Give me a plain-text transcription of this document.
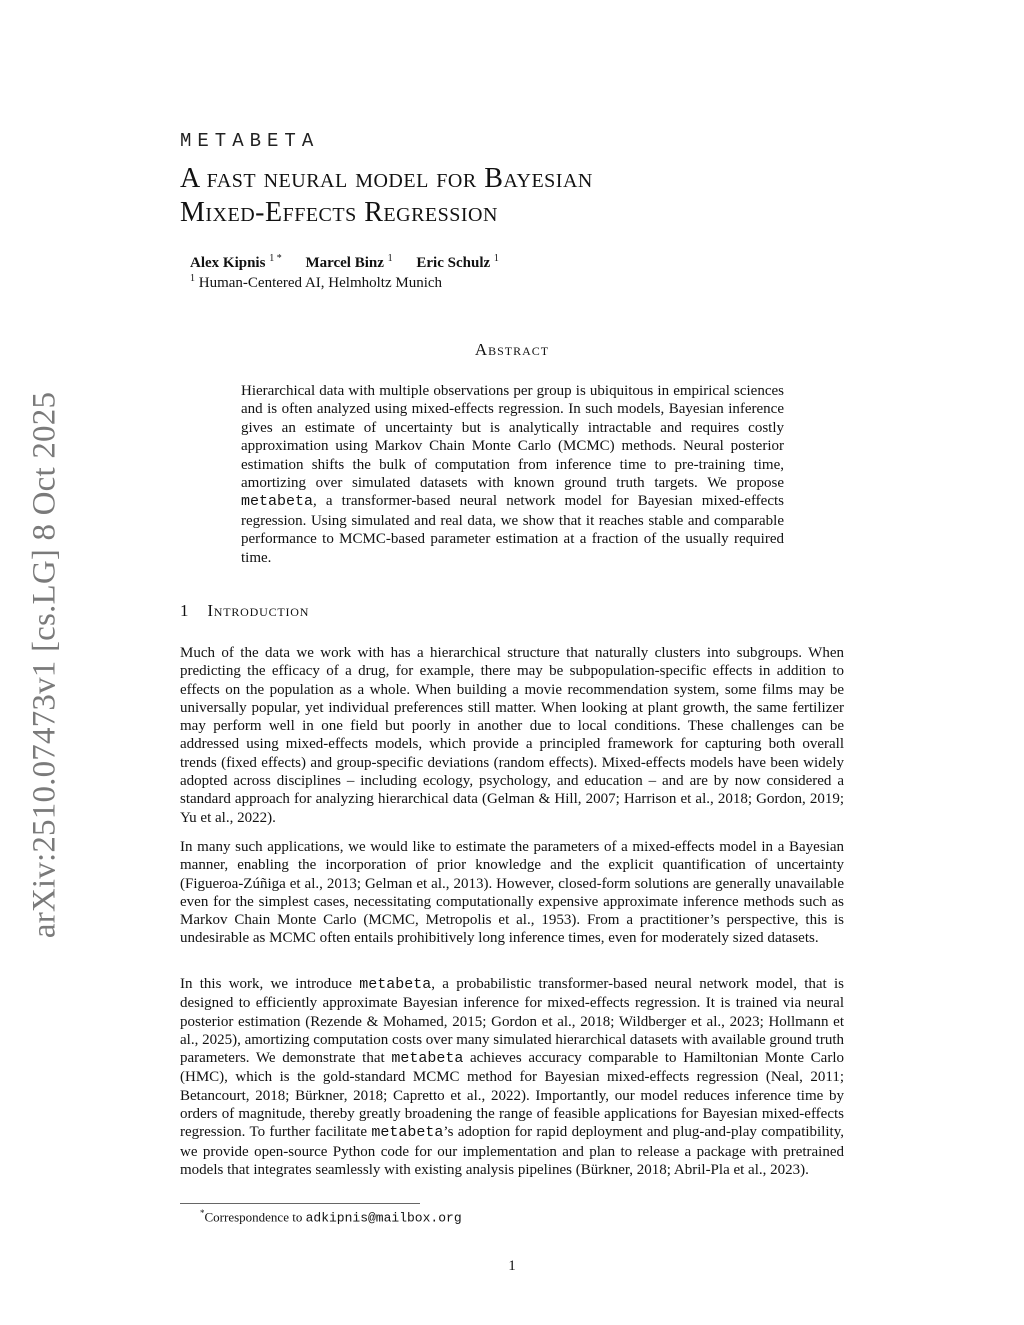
arXiv:2510.07473v1 [cs.LG] 8 Oct 2025

METABETA

A fast neural model for Bayesian
Mixed-Effects Regression
Alex Kipnis $^{1 *}$ Marcel Binz $^1$ Eric Schulz $^1$
$^1$ Human-Centered AI, Helmholtz Munich
Abstract

Hierarchical data with multiple observations per group is ubiquitous in empirical sciences and is often analyzed using mixed-effects regression. In such models, Bayesian inference gives an estimate of uncertainty but is analytically intractable and requires costly approximation using Markov Chain Monte Carlo (MCMC) methods. Neural posterior estimation shifts the bulk of computation from inference time to pre-training time, amortizing over simulated datasets with known ground truth targets. We propose metabeta, a transformer-based neural network model for Bayesian mixed-effects regression. Using simulated and real data, we show that it reaches stable and comparable performance to MCMC-based parameter estimation at a fraction of the usually required time.

1 Introduction

Much of the data we work with has a hierarchical structure that naturally clusters into subgroups. When predicting the efficacy of a drug, for example, there may be subpopulation-specific effects in addition to effects on the population as a whole. When building a movie recommendation system, some films may be universally popular, yet individual preferences still matter. When looking at plant growth, the same fertilizer may perform well in one field but poorly in another due to local conditions. These challenges can be addressed using mixed-effects models, which provide a principled framework for capturing both overall trends (fixed effects) and group-specific deviations (random effects). Mixed-effects models have been widely adopted across disciplines – including ecology, psychology, and education – and are by now considered a standard approach for analyzing hierarchical data (Gelman & Hill, 2007; Harrison et al., 2018; Gordon, 2019; Yu et al., 2022).

In many such applications, we would like to estimate the parameters of a mixed-effects model in a Bayesian manner, enabling the incorporation of prior knowledge and the explicit quantification of uncertainty (Figueroa-Zúñiga et al., 2013; Gelman et al., 2013). However, closed-form solutions are generally unavailable even for the simplest cases, necessitating computationally expensive approximate inference methods such as Markov Chain Monte Carlo (MCMC, Metropolis et al., 1953). From a practitioner’s perspective, this is undesirable as MCMC often entails prohibitively long inference times, even for moderately sized datasets.

In this work, we introduce metabeta, a probabilistic transformer-based neural network model, that is designed to efficiently approximate Bayesian inference for mixed-effects regression. It is trained via neural posterior estimation (Rezende & Mohamed, 2015; Gordon et al., 2018; Wildberger et al., 2023; Hollmann et al., 2025), amortizing computation costs over many simulated hierarchical datasets with available ground truth parameters. We demonstrate that metabeta achieves accuracy comparable to Hamiltonian Monte Carlo (HMC), which is the gold-standard MCMC method for Bayesian mixed-effects regression (Neal, 2011; Betancourt, 2018; Bürkner, 2018; Capretto et al., 2022). Importantly, our model reduces inference time by orders of magnitude, thereby greatly broadening the range of feasible applications for Bayesian mixed-effects regression. To further facilitate metabeta’s adoption for rapid deployment and plug-and-play compatibility, we provide open-source Python code for our implementation and plan to release a package with pretrained models that integrates seamlessly with existing analysis pipelines (Bürkner, 2018; Abril-Pla et al., 2023).

*Correspondence to adkipnis@mailbox.org
1
